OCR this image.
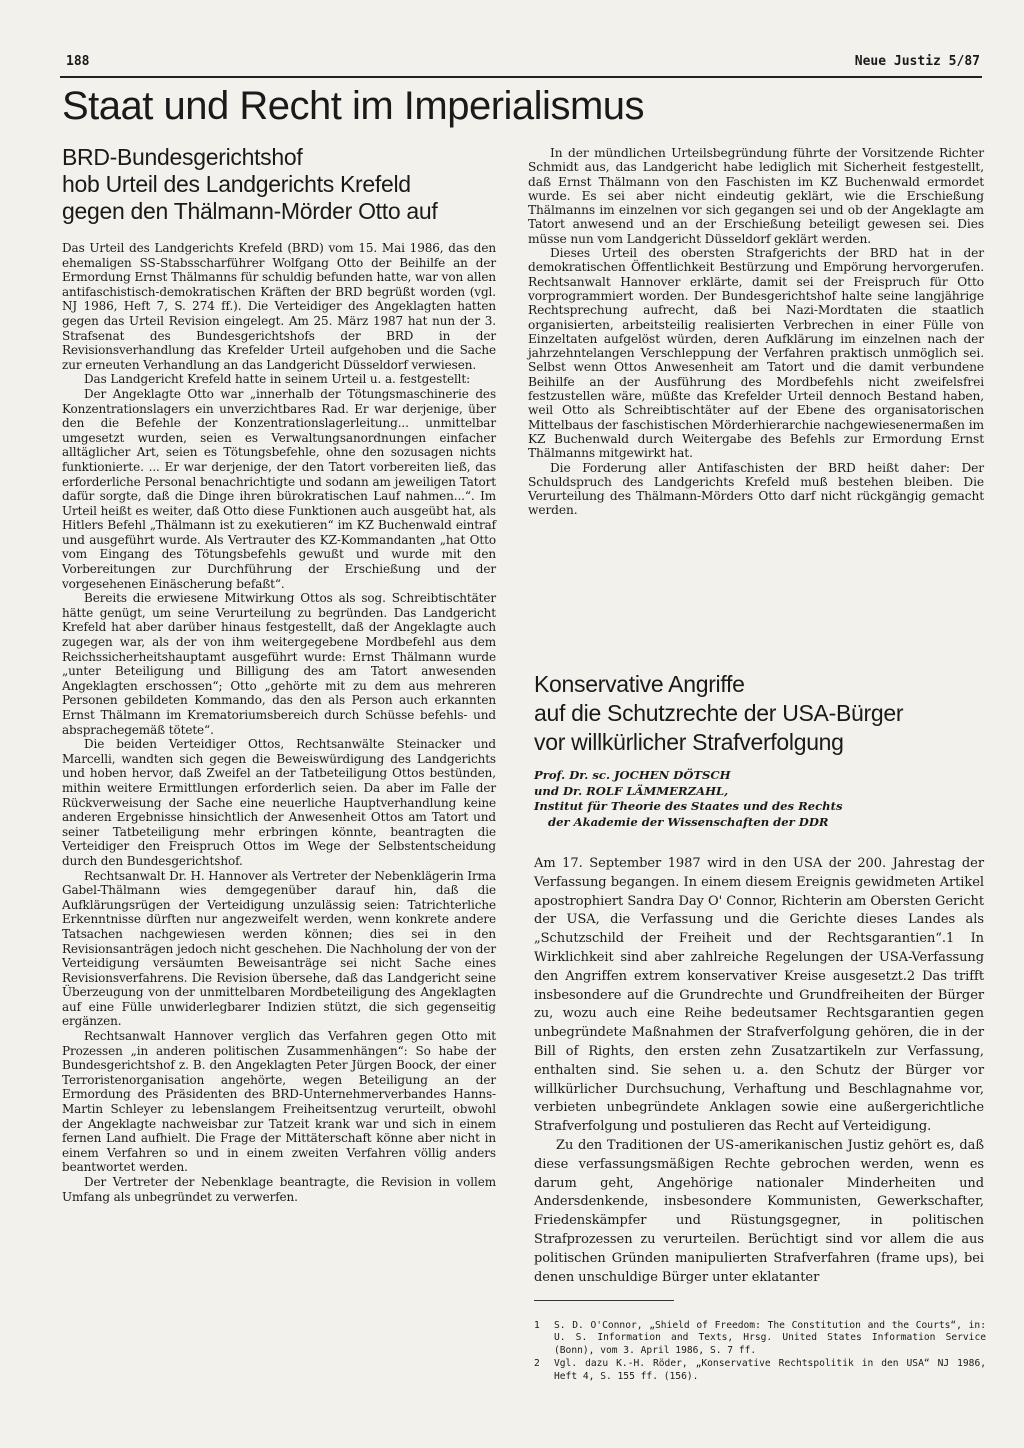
188	Neue Justiz 5/87
Staat und Recht im Imperialismus
BRD-Bundesgerichtshof
hob Urteil des Landgerichts Krefeld
gegen den Thälmann-Mörder Otto auf

Das Urteil des Landgerichts Krefeld (BRD) vom 15. Mai 1986, das den ehemaligen SS-Stabsscharführer Wolfgang Otto der Beihilfe an der Ermordung Ernst Thälmanns für schuldig befunden hatte, war von allen antifaschistisch-demokratischen Kräften der BRD begrüßt worden (vgl. NJ 1986, Heft 7, S. 274 ff.). Die Verteidiger des Angeklagten hatten gegen das Urteil Revision eingelegt. Am 25. März 1987 hat nun der 3. Strafsenat des Bundesgerichtshofs der BRD in der Revisionsverhandlung das Krefelder Urteil aufgehoben und die Sache zur erneuten Verhandlung an das Landgericht Düsseldorf verwiesen.

Das Landgericht Krefeld hatte in seinem Urteil u. a. festgestellt:

Der Angeklagte Otto war „innerhalb der Tötungsmaschinerie des Konzentrationslagers ein unverzichtbares Rad. Er war derjenige, über den die Befehle der Konzentrationslagerleitung... unmittelbar umgesetzt wurden, seien es Verwaltungsanordnungen einfacher alltäglicher Art, seien es Tötungsbefehle, ohne den sozusagen nichts funktionierte. ... Er war derjenige, der den Tatort vorbereiten ließ, das erforderliche Personal benachrichtigte und sodann am jeweiligen Tatort dafür sorgte, daß die Dinge ihren bürokratischen Lauf nahmen...“. Im Urteil heißt es weiter, daß Otto diese Funktionen auch ausgeübt hat, als Hitlers Befehl „Thälmann ist zu exekutieren“ im KZ Buchenwald eintraf und ausgeführt wurde. Als Vertrauter des KZ-Kommandanten „hat Otto vom Eingang des Tötungsbefehls gewußt und wurde mit den Vorbereitungen zur Durchführung der Erschießung und der vorgesehenen Einäscherung befaßt“.

Bereits die erwiesene Mitwirkung Ottos als sog. Schreibtischtäter hätte genügt, um seine Verurteilung zu begründen. Das Landgericht Krefeld hat aber darüber hinaus festgestellt, daß der Angeklagte auch zugegen war, als der von ihm weitergegebene Mordbefehl aus dem Reichssicherheitshauptamt ausgeführt wurde: Ernst Thälmann wurde „unter Beteiligung und Billigung des am Tatort anwesenden Angeklagten erschossen“; Otto „gehörte mit zu dem aus mehreren Personen gebildeten Kommando, das den als Person auch erkannten Ernst Thälmann im Krematoriumsbereich durch Schüsse befehls- und absprachegemäß tötete“.

Die beiden Verteidiger Ottos, Rechtsanwälte Steinacker und Marcelli, wandten sich gegen die Beweiswürdigung des Landgerichts und hoben hervor, daß Zweifel an der Tatbeteiligung Ottos bestünden, mithin weitere Ermittlungen erforderlich seien. Da aber im Falle der Rückverweisung der Sache eine neuerliche Hauptverhandlung keine anderen Ergebnisse hinsichtlich der Anwesenheit Ottos am Tatort und seiner Tatbeteiligung mehr erbringen könnte, beantragten die Verteidiger den Freispruch Ottos im Wege der Selbstentscheidung durch den Bundesgerichtshof.

Rechtsanwalt Dr. H. Hannover als Vertreter der Nebenklägerin Irma Gabel-Thälmann wies demgegenüber darauf hin, daß die Aufklärungsrügen der Verteidigung unzulässig seien: Tatrichterliche Erkenntnisse dürften nur angezweifelt werden, wenn konkrete andere Tatsachen nachgewiesen werden können; dies sei in den Revisionsanträgen jedoch nicht geschehen. Die Nachholung der von der Verteidigung versäumten Beweisanträge sei nicht Sache eines Revisionsverfahrens. Die Revision übersehe, daß das Landgericht seine Überzeugung von der unmittelbaren Mordbeteiligung des Angeklagten auf eine Fülle unwiderlegbarer Indizien stützt, die sich gegenseitig ergänzen.

Rechtsanwalt Hannover verglich das Verfahren gegen Otto mit Prozessen „in anderen politischen Zusammenhängen“: So habe der Bundesgerichtshof z. B. den Angeklagten Peter Jürgen Boock, der einer Terroristenorganisation angehörte, wegen Beteiligung an der Ermordung des Präsidenten des BRD-Unternehmerverbandes Hanns-Martin Schleyer zu lebenslangem Freiheitsentzug verurteilt, obwohl der Angeklagte nachweisbar zur Tatzeit krank war und sich in einem fernen Land aufhielt. Die Frage der Mittäterschaft könne aber nicht in einem Verfahren so und in einem zweiten Verfahren völlig anders beantwortet werden.

Der Vertreter der Nebenklage beantragte, die Revision in vollem Umfang als unbegründet zu verwerfen.

In der mündlichen Urteilsbegründung führte der Vorsitzende Richter Schmidt aus, das Landgericht habe lediglich mit Sicherheit festgestellt, daß Ernst Thälmann von den Faschisten im KZ Buchenwald ermordet wurde. Es sei aber nicht eindeutig geklärt, wie die Erschießung Thälmanns im einzelnen vor sich gegangen sei und ob der Angeklagte am Tatort anwesend und an der Erschießung beteiligt gewesen sei. Dies müsse nun vom Landgericht Düsseldorf geklärt werden.

Dieses Urteil des obersten Strafgerichts der BRD hat in der demokratischen Öffentlichkeit Bestürzung und Empörung hervorgerufen. Rechtsanwalt Hannover erklärte, damit sei der Freispruch für Otto vorprogrammiert worden. Der Bundesgerichtshof halte seine langjährige Rechtsprechung aufrecht, daß bei Nazi-Mordtaten die staatlich organisierten, arbeitsteilig realisierten Verbrechen in einer Fülle von Einzeltaten aufgelöst würden, deren Aufklärung im einzelnen nach der jahrzehntelangen Verschleppung der Verfahren praktisch unmöglich sei. Selbst wenn Ottos Anwesenheit am Tatort und die damit verbundene Beihilfe an der Ausführung des Mordbefehls nicht zweifelsfrei festzustellen wäre, müßte das Krefelder Urteil dennoch Bestand haben, weil Otto als Schreibtischtäter auf der Ebene des organisatorischen Mittelbaus der faschistischen Mörderhierarchie nachgewiesenermaßen im KZ Buchenwald durch Weitergabe des Befehls zur Ermordung Ernst Thälmanns mitgewirkt hat.

Die Forderung aller Antifaschisten der BRD heißt daher: Der Schuldspruch des Landgerichts Krefeld muß bestehen bleiben. Die Verurteilung des Thälmann-Mörders Otto darf nicht rückgängig gemacht werden.

Konservative Angriffe
auf die Schutzrechte der USA-Bürger
vor willkürlicher Strafverfolgung
Prof. Dr. sc. JOCHEN DÖTSCH
und Dr. ROLF LÄMMERZAHL,
Institut für Theorie des Staates und des Rechts
der Akademie der Wissenschaften der DDR

Am 17. September 1987 wird in den USA der 200. Jahrestag der Verfassung begangen. In einem diesem Ereignis gewidmeten Artikel apostrophiert Sandra Day O' Connor, Richterin am Obersten Gericht der USA, die Verfassung und die Gerichte dieses Landes als „Schutzschild der Freiheit und der Rechtsgarantien“.1 In Wirklichkeit sind aber zahlreiche Regelungen der USA-Verfassung den Angriffen extrem konservativer Kreise ausgesetzt.2 Das trifft insbesondere auf die Grundrechte und Grundfreiheiten der Bürger zu, wozu auch eine Reihe bedeutsamer Rechtsgarantien gegen unbegründete Maßnahmen der Strafverfolgung gehören, die in der Bill of Rights, den ersten zehn Zusatzartikeln zur Verfassung, enthalten sind. Sie sehen u. a. den Schutz der Bürger vor willkürlicher Durchsuchung, Verhaftung und Beschlagnahme vor, verbieten unbegründete Anklagen sowie eine außergerichtliche Strafverfolgung und postulieren das Recht auf Verteidigung.

Zu den Traditionen der US-amerikanischen Justiz gehört es, daß diese verfassungsmäßigen Rechte gebrochen werden, wenn es darum geht, Angehörige nationaler Minderheiten und Andersdenkende, insbesondere Kommunisten, Gewerkschafter, Friedenskämpfer und Rüstungsgegner, in politischen Strafprozessen zu verurteilen. Berüchtigt sind vor allem die aus politischen Gründen manipulierten Strafverfahren (frame ups), bei denen unschuldige Bürger unter eklatanter

1	S. D. O'Connor, „Shield of Freedom: The Constitution and the Courts“, in: U. S. Information and Texts, Hrsg. United States Information Service (Bonn), vom 3. April 1986, S. 7 ff.
2	Vgl. dazu K.-H. Röder, „Konservative Rechtspolitik in den USA“ NJ 1986, Heft 4, S. 155 ff. (156).
